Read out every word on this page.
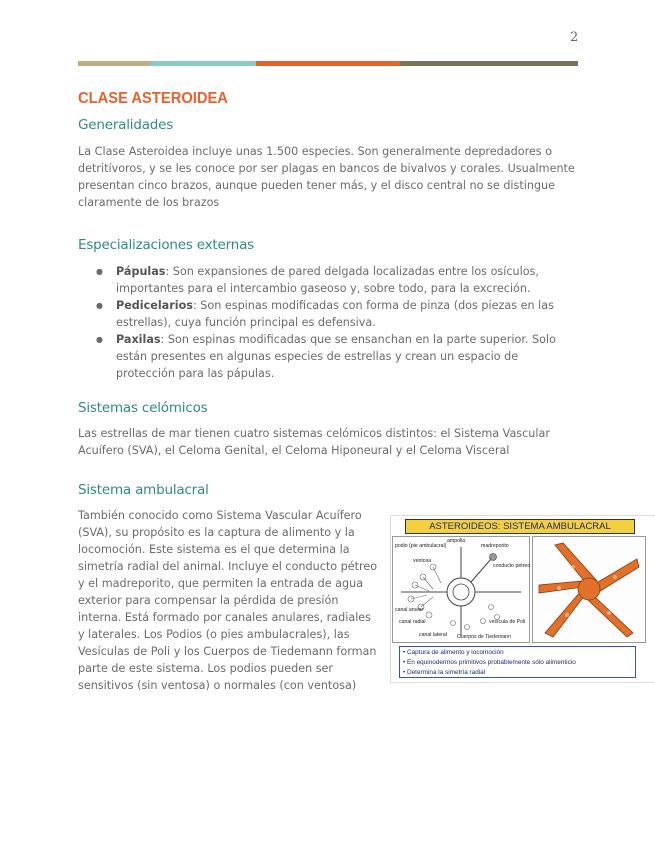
2
CLASE ASTEROIDEA
Generalidades

La Clase Asteroidea incluye unas 1.500 especies. Son generalmente depredadores o detritívoros, y se les conoce por ser plagas en bancos de bivalvos y corales. Usualmente presentan cinco brazos, aunque pueden tener más, y el disco central no se distingue claramente de los brazos

Especializaciones externas
● Pápulas: Son expansiones de pared delgada localizadas entre los osículos, importantes para el intercambio gaseoso y, sobre todo, para la excreción.
● Pedicelarios: Son espinas modificadas con forma de pinza (dos piezas en las estrellas), cuya función principal es defensiva.
● Paxilas: Son espinas modificadas que se ensanchan en la parte superior. Solo están presentes en algunas especies de estrellas y crean un espacio de protección para las pápulas.
Sistemas celómicos

Las estrellas de mar tienen cuatro sistemas celómicos distintos: el Sistema Vascular Acuífero (SVA), el Celoma Genital, el Celoma Hiponeural y el Celoma Visceral

Sistema ambulacral

También conocido como Sistema Vascular Acuífero (SVA), su propósito es la captura de alimento y la locomoción. Este sistema es el que determina la simetría radial del animal. Incluye el conducto pétreo y el madreporito, que permiten la entrada de agua exterior para compensar la pérdida de presión interna. Está formado por canales anulares, radiales y laterales. Los Podios (o pies ambulacrales), las Vesículas de Poli y los Cuerpos de Tiedemann forman parte de este sistema. Los podios pueden ser sensitivos (sin ventosa) o normales (con ventosa)

ASTEROIDEOS: SISTEMA AMBULACRAL
podio (pie ambulacral)
ampolla
madreporito
ventosa
conducto pétreo
canal anular
canal radial
canal lateral
vesícula de Poli
Cuerpos de Tiedemann
• Captura de alimento y locomoción
• En equinodermos primitivos probablemente sólo alimenticio
• Determina la simetría radial
